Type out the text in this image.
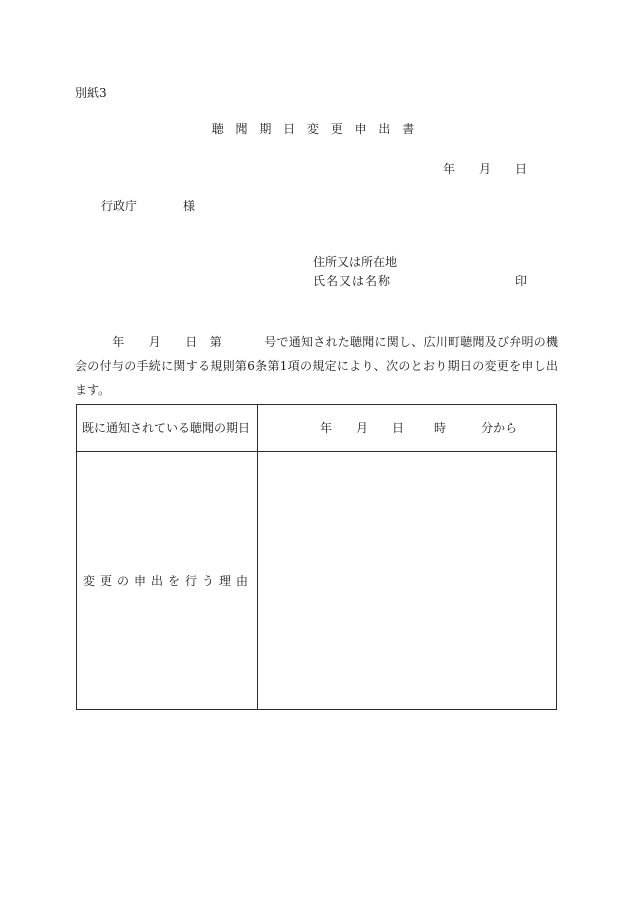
別紙3
聴 聞 期 日 変 更 申 出 書
年 月 日
行政庁	様
住所又は所在地
氏名又は名称	印
年 月 日 第	号で通知された聴聞に関し、広川町聴聞及び弁明の機会の付与の手続に関する規則第6条第1項の規定により、次のとおり期日の変更を申し出ます。
既に通知されている聴聞の期日	年 月 日	時	分から
変更の申出を行う理由
